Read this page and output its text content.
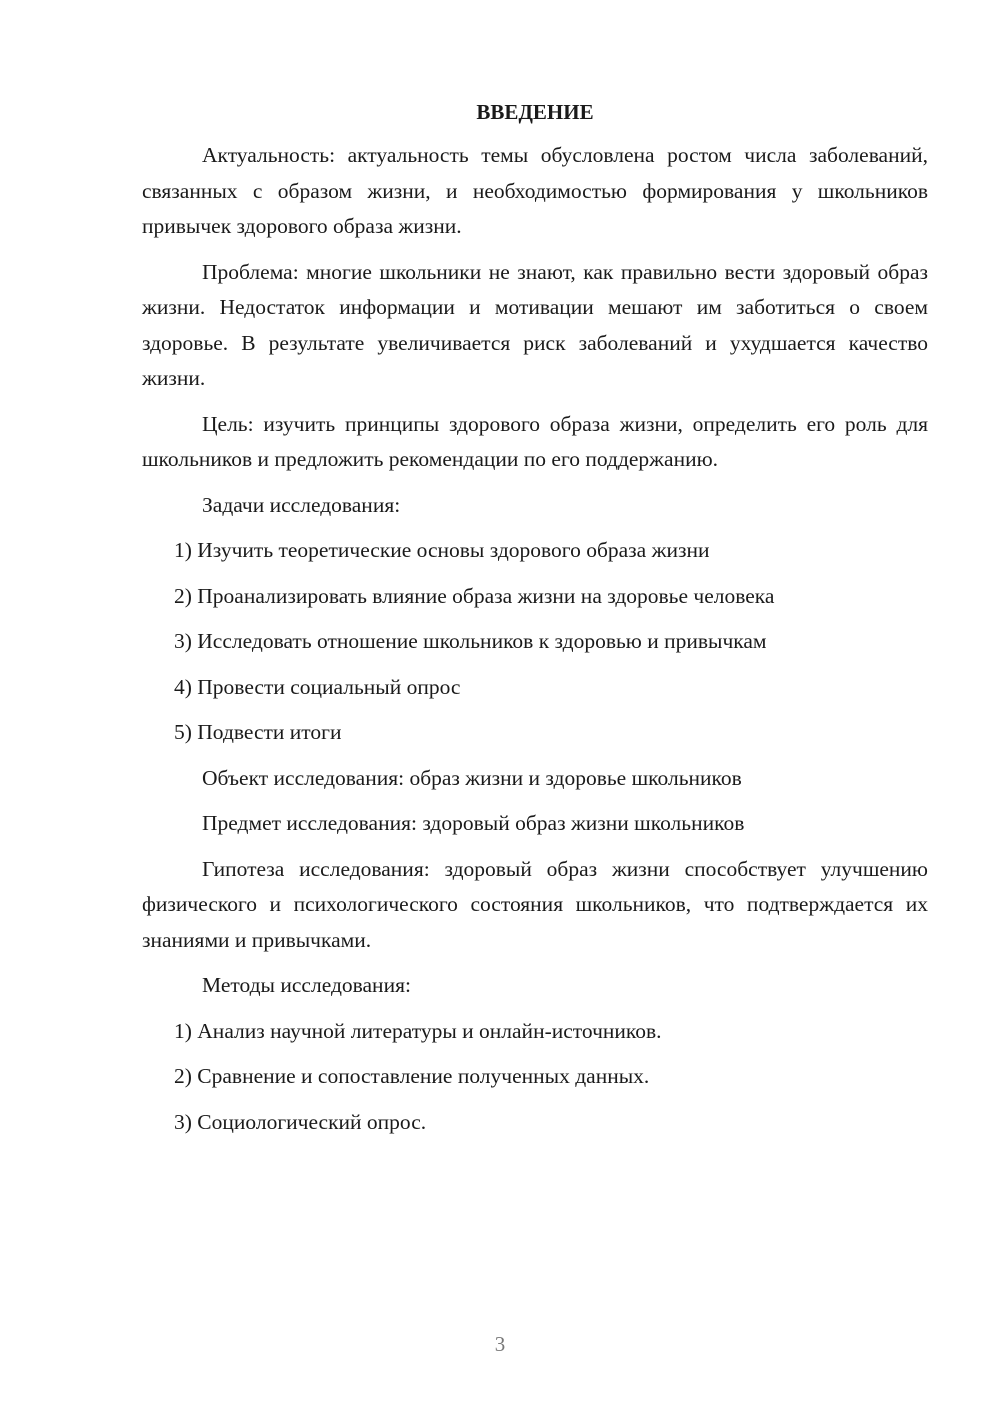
ВВЕДЕНИЕ

Актуальность: актуальность темы обусловлена ростом числа заболеваний, связанных с образом жизни, и необходимостью формирования у школьников привычек здорового образа жизни.

Проблема: многие школьники не знают, как правильно вести здоровый образ жизни. Недостаток информации и мотивации мешают им заботиться о своем здоровье. В результате увеличивается риск заболеваний и ухудшается качество жизни.

Цель: изучить принципы здорового образа жизни, определить его роль для школьников и предложить рекомендации по его поддержанию.

Задачи исследования:

1) Изучить теоретические основы здорового образа жизни
2) Проанализировать влияние образа жизни на здоровье человека
3) Исследовать отношение школьников к здоровью и привычкам
4) Провести социальный опрос
5) Подвести итоги

Объект исследования: образ жизни и здоровье школьников

Предмет исследования: здоровый образ жизни школьников

Гипотеза исследования: здоровый образ жизни способствует улучшению физического и психологического состояния школьников, что подтверждается их знаниями и привычками.

Методы исследования:

1) Анализ научной литературы и онлайн-источников.
2) Сравнение и сопоставление полученных данных.
3) Социологический опрос.
3
